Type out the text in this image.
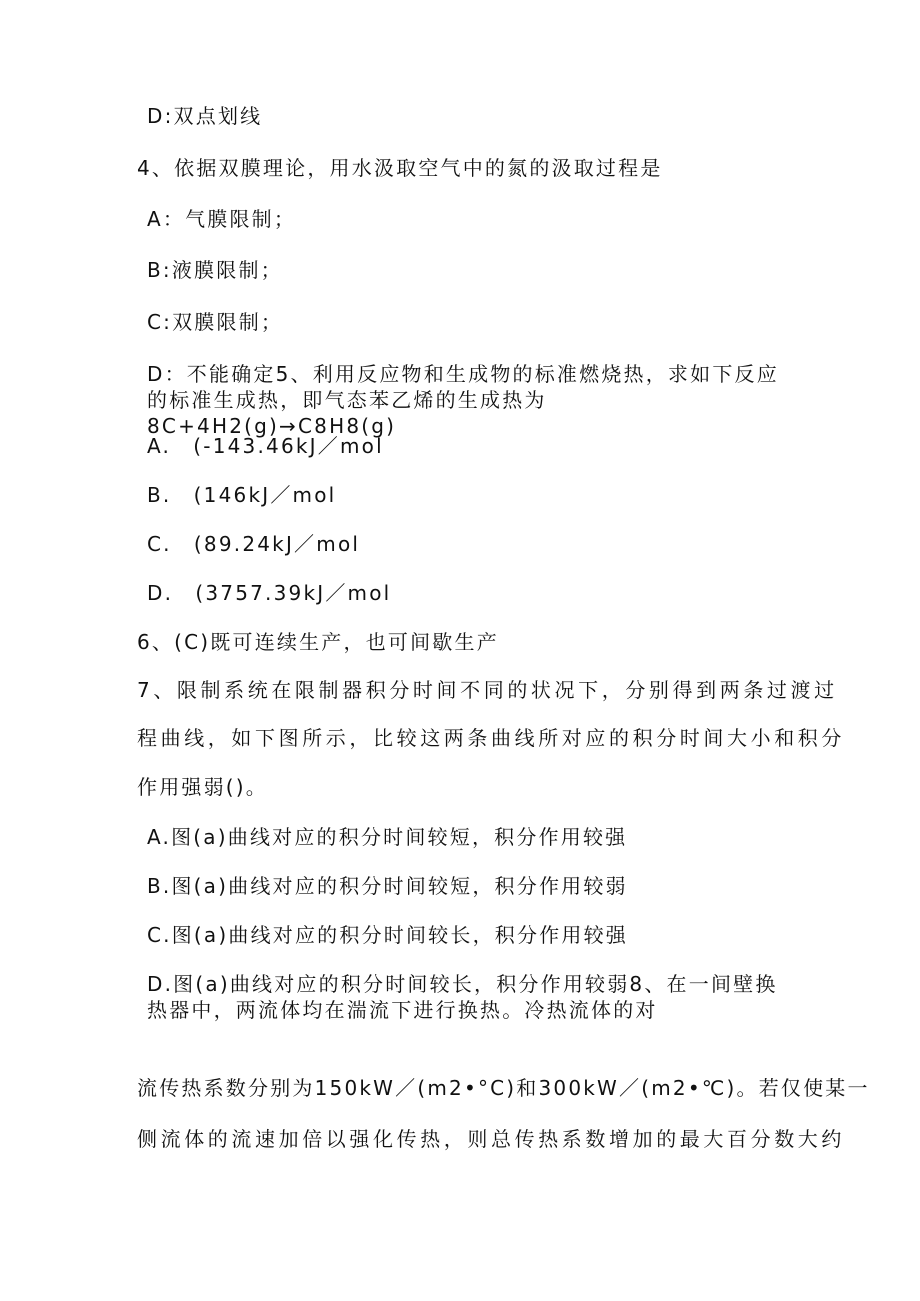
D:双点划线
4、依据双膜理论，用水汲取空气中的氮的汲取过程是
A：气膜限制；
B:液膜限制；
C:双膜限制；
D：不能确定5、利用反应物和生成物的标准燃烧热，求如下反应的标准生成热，即气态苯乙烯的生成热为8C+4H2(g)→C8H8(g)
A.　(-143.46kJ／mol
B.　(146kJ／mol
C.　(89.24kJ／mol
D.　(3757.39kJ／mol
6、(C)既可连续生产，也可间歇生产
7、限制系统在限制器积分时间不同的状况下，分别得到两条过渡过
程曲线，如下图所示，比较这两条曲线所对应的积分时间大小和积分
作用强弱()。
A.图(a)曲线对应的积分时间较短，积分作用较强
B.图(a)曲线对应的积分时间较短，积分作用较弱
C.图(a)曲线对应的积分时间较长，积分作用较强
D.图(a)曲线对应的积分时间较长，积分作用较弱8、在一间壁换热器中，两流体均在湍流下进行换热。冷热流体的对
流传热系数分别为150kW／(m2•°C)和300kW／(m2•℃)。若仅使某一
侧流体的流速加倍以强化传热，则总传热系数增加的最大百分数大约
